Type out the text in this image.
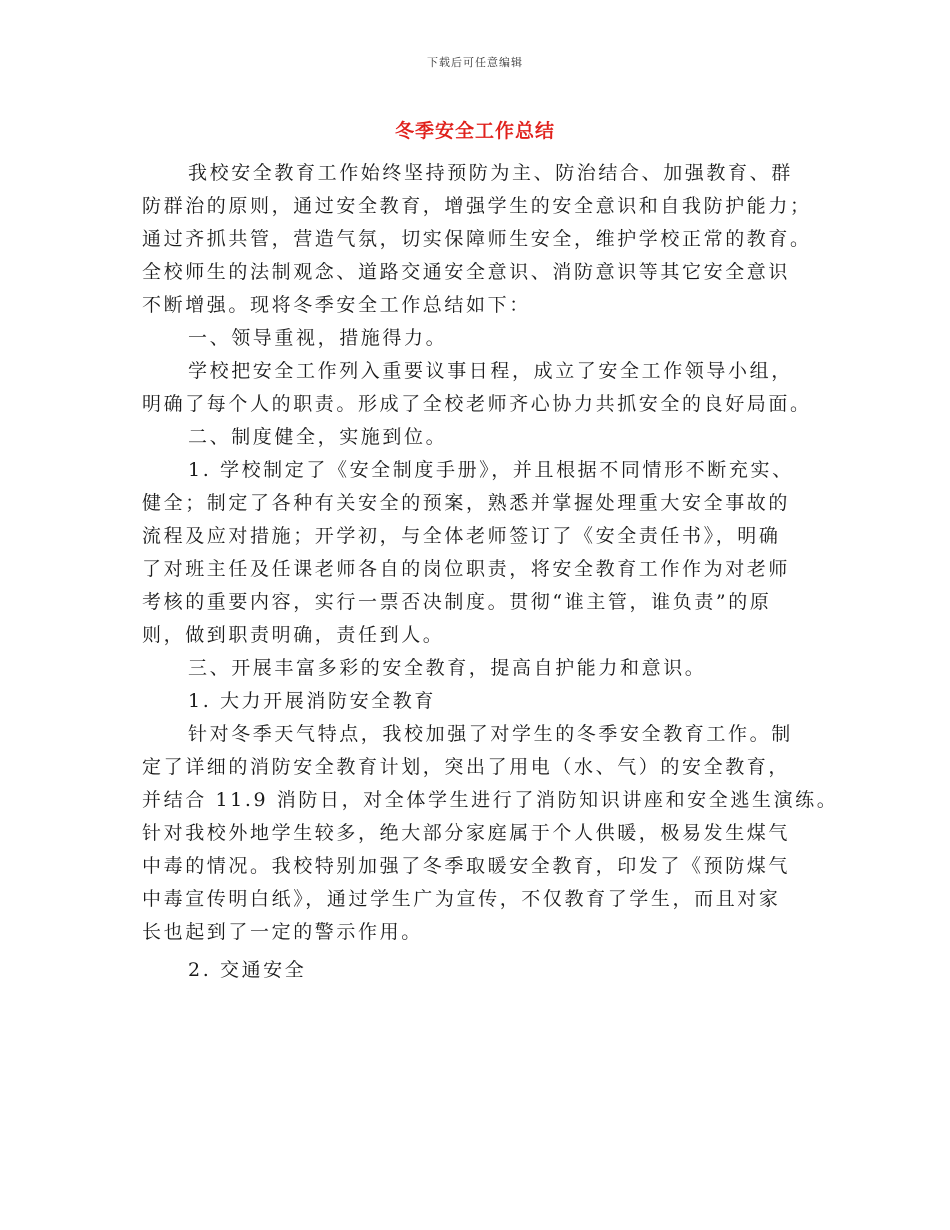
下载后可任意编辑
冬季安全工作总结
我校安全教育工作始终坚持预防为主、防治结合、加强教育、群
防群治的原则，通过安全教育，增强学生的安全意识和自我防护能力；
通过齐抓共管，营造气氛，切实保障师生安全，维护学校正常的教育。
全校师生的法制观念、道路交通安全意识、消防意识等其它安全意识
不断增强。现将冬季安全工作总结如下：
一、领导重视，措施得力。
学校把安全工作列入重要议事日程，成立了安全工作领导小组，
明确了每个人的职责。形成了全校老师齐心协力共抓安全的良好局面。
二、制度健全，实施到位。
1. 学校制定了《安全制度手册》，并且根据不同情形不断充实、
健全；制定了各种有关安全的预案，熟悉并掌握处理重大安全事故的
流程及应对措施；开学初，与全体老师签订了《安全责任书》，明确
了对班主任及任课老师各自的岗位职责，将安全教育工作作为对老师
考核的重要内容，实行一票否决制度。贯彻“谁主管，谁负责”的原
则，做到职责明确，责任到人。
三、开展丰富多彩的安全教育，提高自护能力和意识。
1. 大力开展消防安全教育
针对冬季天气特点，我校加强了对学生的冬季安全教育工作。制
定了详细的消防安全教育计划，突出了用电（水、气）的安全教育，
并结合 11.9 消防日，对全体学生进行了消防知识讲座和安全逃生演练。
针对我校外地学生较多，绝大部分家庭属于个人供暖，极易发生煤气
中毒的情况。我校特别加强了冬季取暖安全教育，印发了《预防煤气
中毒宣传明白纸》，通过学生广为宣传，不仅教育了学生，而且对家
长也起到了一定的警示作用。
2. 交通安全
